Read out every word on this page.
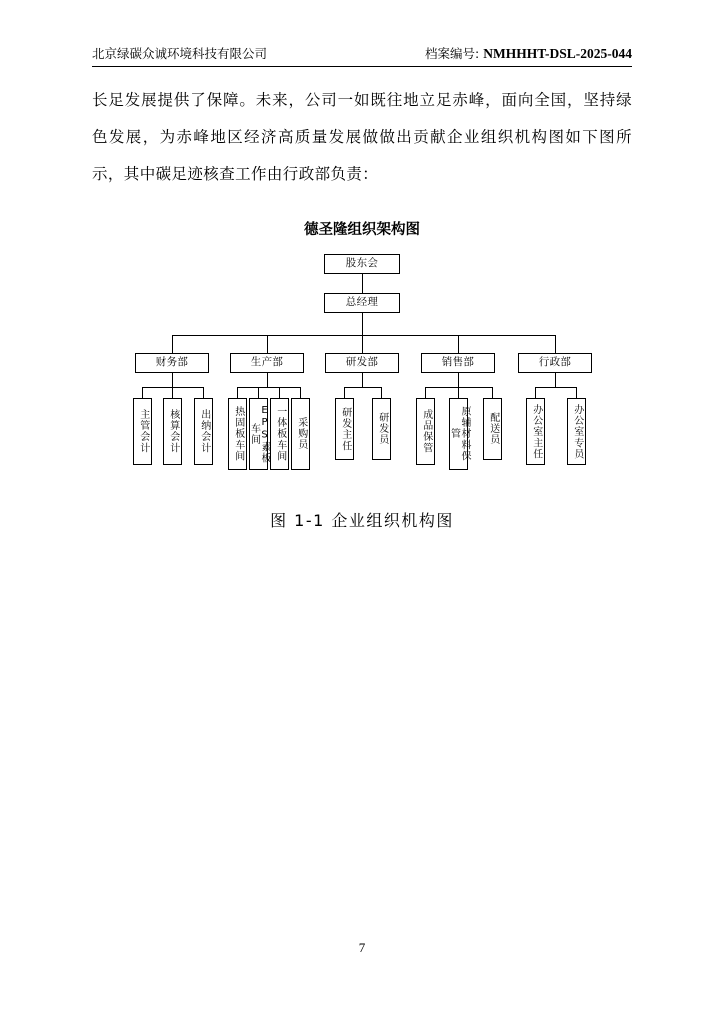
北京绿碳众诚环境科技有限公司	档案编号: NMHHHT-DSL-2025-044
长足发展提供了保障。未来，公司一如既往地立足赤峰，面向全国，坚持绿色发展，为赤峰地区经济高质量发展做做出贡献企业组织机构图如下图所示，其中碳足迹核查工作由行政部负责：
德圣隆组织架构图
股东会
总经理
财务部	生产部	研发部	销售部	行政部
主管会计	核算会计	出纳会计	热固板车间	EPS素板车间	一体板车间	采购员	研发主任	研发员	成品保管	原辅材料保管	配送员	办公室主任	办公室专员
图 1-1 企业组织机构图
7
